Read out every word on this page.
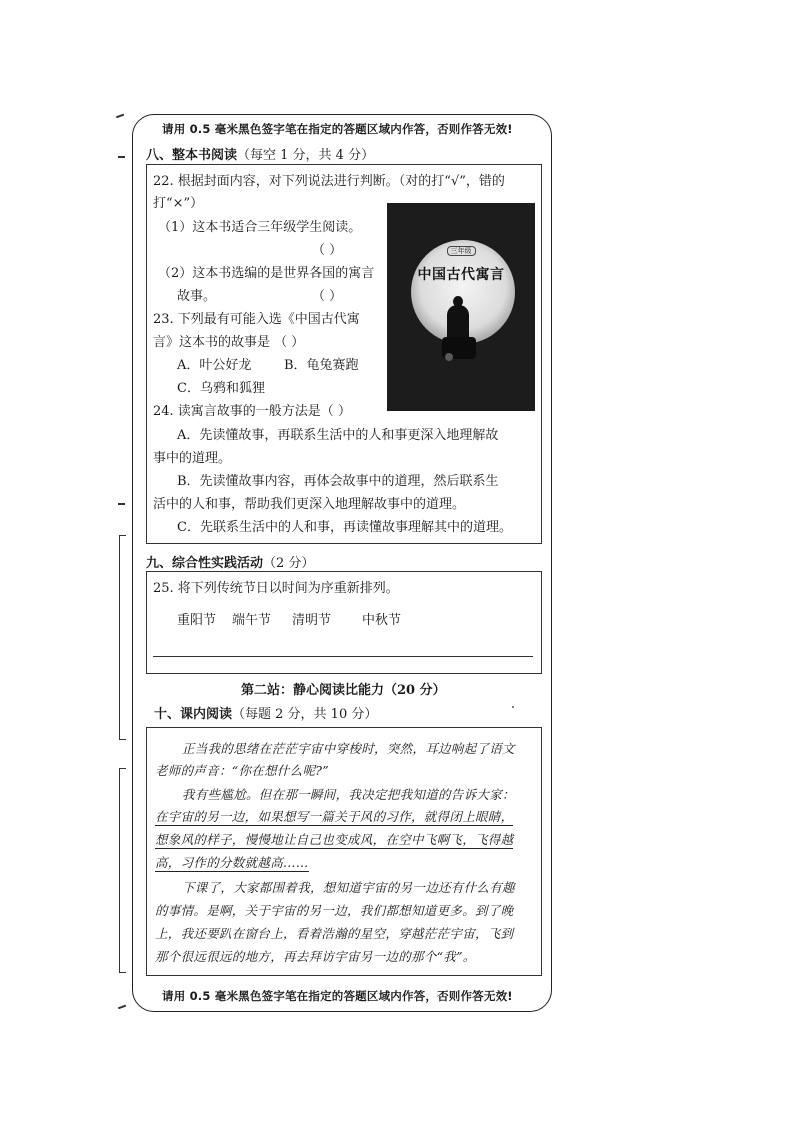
请用 0.5 毫米黑色签字笔在指定的答题区域内作答，否则作答无效!
八、整本书阅读（每空 1 分，共 4 分）
22. 根据封面内容，对下列说法进行判断。（对的打“√”，错的
打“×”）
（1）这本书适合三年级学生阅读。
（ ）
（2）这本书选编的是世界各国的寓言
故事。	（ ）
23. 下列最有可能入选《中国古代寓
言》这本书的故事是 （ ）
A．叶公好龙	B．龟兔赛跑
C．乌鸦和狐狸
24. 读寓言故事的一般方法是（ ）
A．先读懂故事，再联系生活中的人和事更深入地理解故
事中的道理。
B．先读懂故事内容，再体会故事中的道理，然后联系生
活中的人和事，帮助我们更深入地理解故事中的道理。
C．先联系生活中的人和事，再读懂故事理解其中的道理。
三年级
中国古代寓言
九、综合性实践活动（2 分）
25. 将下列传统节日以时间为序重新排列。
重阳节 端午节 清明节 中秋节
第二站：静心阅读比能力（20 分）
十、课内阅读（每题 2 分，共 10 分）
正当我的思绪在茫茫宇宙中穿梭时，突然，耳边响起了语文
老师的声音：“你在想什么呢?”
我有些尴尬。但在那一瞬间，我决定把我知道的告诉大家：
在宇宙的另一边，如果想写一篇关于风的习作，就得闭上眼睛，
想象风的样子，慢慢地让自己也变成风，在空中飞啊飞，飞得越
高，习作的分数就越高……
下课了，大家都围着我，想知道宇宙的另一边还有什么有趣
的事情。是啊，关于宇宙的另一边，我们都想知道更多。到了晚
上，我还要趴在窗台上，看着浩瀚的星空，穿越茫茫宇宙，飞到
那个很远很远的地方，再去拜访宇宙另一边的那个“我”。
请用 0.5 毫米黑色签字笔在指定的答题区域内作答，否则作答无效!
